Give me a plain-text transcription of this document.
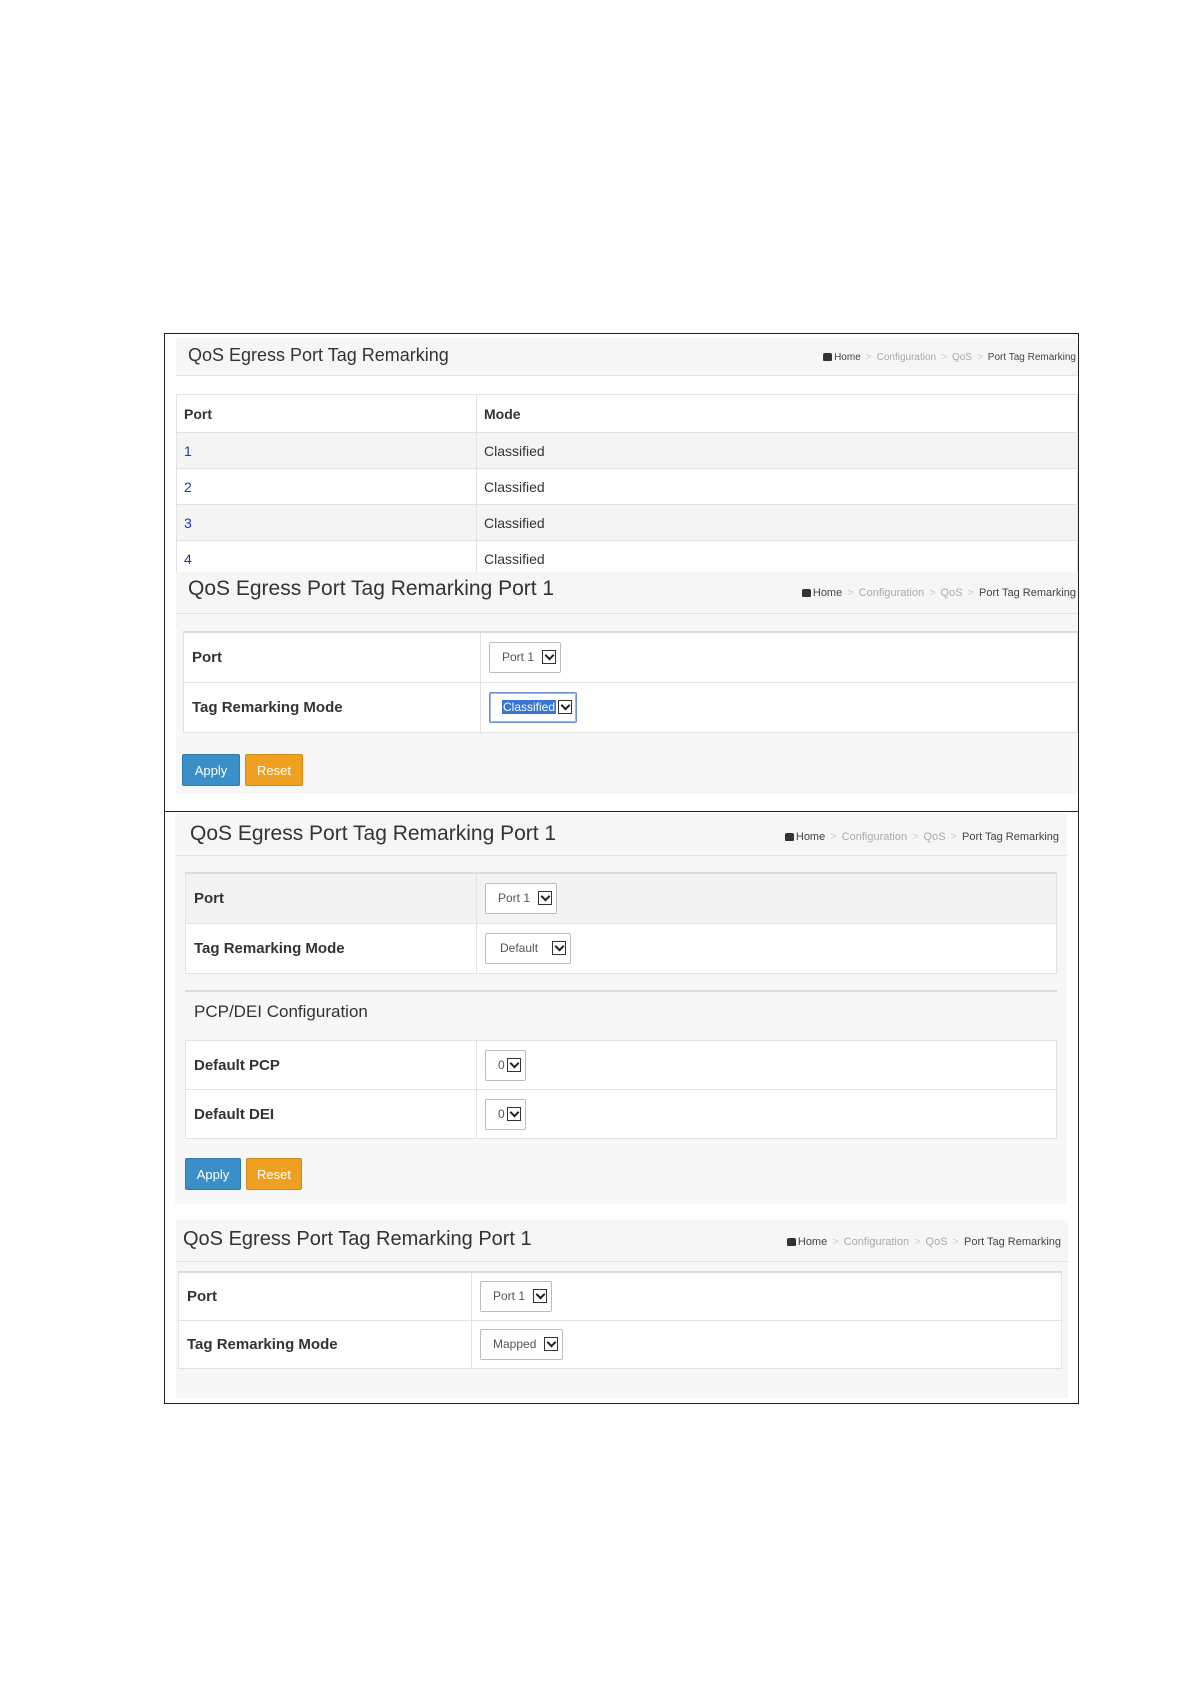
QoS Egress Port Tag Remarking	Home > Configuration > QoS > Port Tag Remarking
Port	Mode
1	Classified
2	Classified
3	Classified
4	Classified
QoS Egress Port Tag Remarking Port 1	Home > Configuration > QoS > Port Tag Remarking
Port	Port 1

Tag Remarking Mode	Classified
Apply	Reset
QoS Egress Port Tag Remarking Port 1	Home > Configuration > QoS > Port Tag Remarking
Port	Port 1

Tag Remarking Mode	Default
PCP/DEI Configuration
Default PCP	0

Default DEI	0
Apply	Reset
QoS Egress Port Tag Remarking Port 1	Home > Configuration > QoS > Port Tag Remarking
Port	Port 1

Tag Remarking Mode	Mapped
